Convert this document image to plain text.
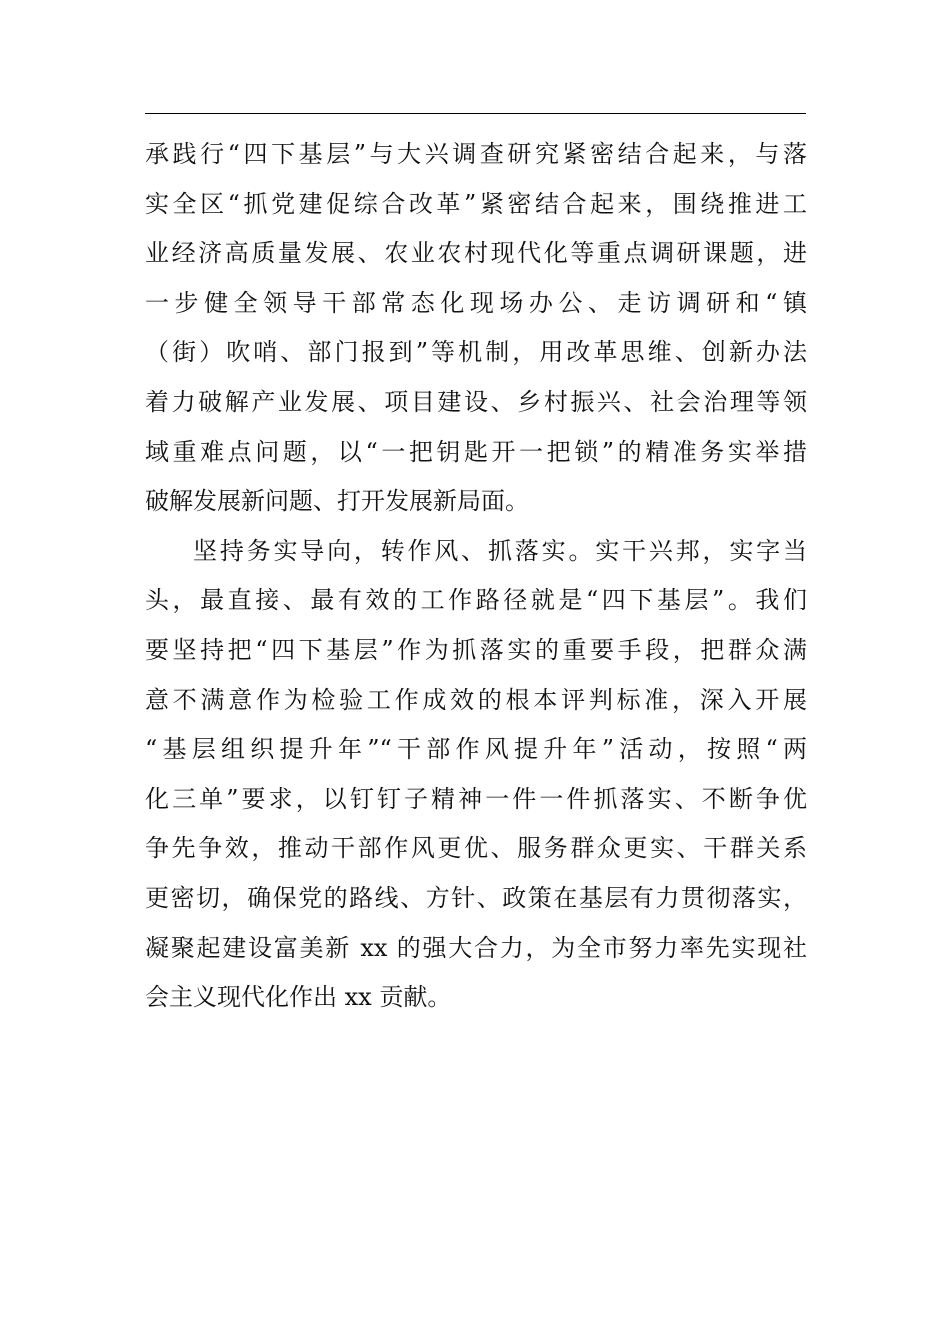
承践行“四下基层”与大兴调查研究紧密结合起来，与落
实全区“抓党建促综合改革”紧密结合起来，围绕推进工
业经济高质量发展、农业农村现代化等重点调研课题，进
一步健全领导干部常态化现场办公、走访调研和“镇
（街）吹哨、部门报到”等机制，用改革思维、创新办法
着力破解产业发展、项目建设、乡村振兴、社会治理等领
域重难点问题，以“一把钥匙开一把锁”的精准务实举措
破解发展新问题、打开发展新局面。
坚持务实导向，转作风、抓落实。实干兴邦，实字当
头，最直接、最有效的工作路径就是“四下基层”。我们
要坚持把“四下基层”作为抓落实的重要手段，把群众满
意不满意作为检验工作成效的根本评判标准，深入开展
“基层组织提升年”“干部作风提升年”活动，按照“两
化三单”要求，以钉钉子精神一件一件抓落实、不断争优
争先争效，推动干部作风更优、服务群众更实、干群关系
更密切，确保党的路线、方针、政策在基层有力贯彻落实，
凝聚起建设富美新 xx 的强大合力，为全市努力率先实现社
会主义现代化作出 xx 贡献。
